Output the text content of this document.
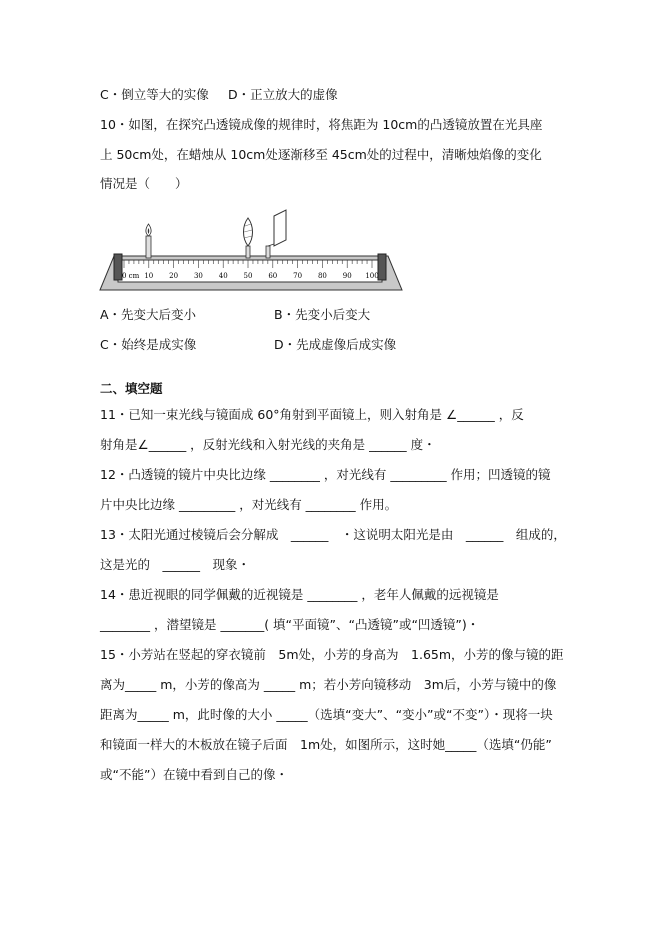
C・倒立等大的实像 D・正立放大的虚像
10・如图，在探究凸透镜成像的规律时，将焦距为 10cm的凸透镜放置在光具座
上 50cm处，在蜡烛从 10cm处逐渐移至 45cm处的过程中，清晰烛焰像的变化
情况是（　　）
0 cm 10 20 30 40 50 60 70 80 90 100
A・先变大后变小	B・先变小后变大
C・始终是成实像	D・先成虚像后成实像
二、填空题
11・已知一束光线与镜面成 60°角射到平面镜上，则入射角是 ∠______ ，反
射角是∠______ ，反射光线和入射光线的夹角是 ______ 度・
12・凸透镜的镜片中央比边缘 ________ ，对光线有 _________ 作用；凹透镜的镜
片中央比边缘 _________ ，对光线有 ________ 作用。
13・太阳光通过棱镜后会分解成　______　・这说明太阳光是由　______　组成的，
这是光的　______　现象・
14・患近视眼的同学佩戴的近视镜是 ________ ，老年人佩戴的远视镜是
________ ，潜望镜是 _______( 填“平面镜”、“凸透镜”或“凹透镜”)・
15・小芳站在竖起的穿衣镜前　5m处，小芳的身高为　1.65m，小芳的像与镜的距
离为_____ m，小芳的像高为 _____ m；若小芳向镜移动　3m后，小芳与镜中的像
距离为_____ m，此时像的大小 _____（选填“变大”、“变小”或“不变”）・现将一块
和镜面一样大的木板放在镜子后面　1m处，如图所示，这时她_____（选填“仍能”
或“不能”）在镜中看到自己的像・
